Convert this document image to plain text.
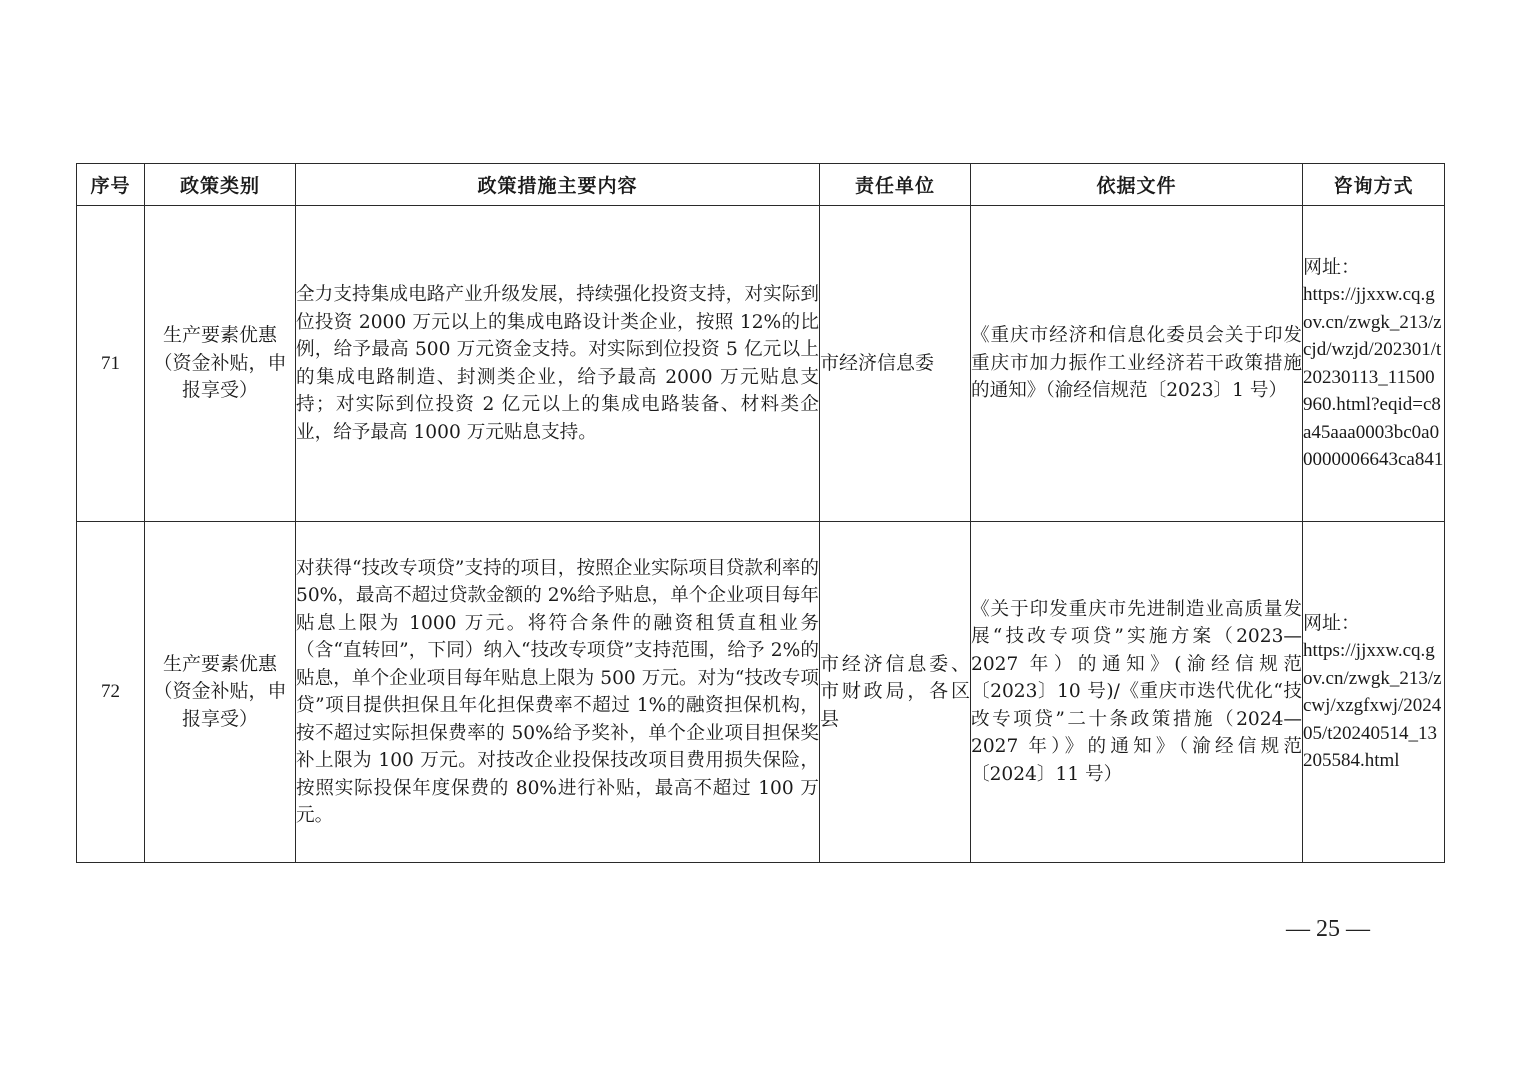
序号	政策类别	政策措施主要内容	责任单位	依据文件	咨询方式
71	生产要素优惠（资金补贴，申报享受）	全力支持集成电路产业升级发展，持续强化投资支持，对实际到位投资 2000 万元以上的集成电路设计类企业，按照 12%的比例，给予最高 500 万元资金支持。对实际到位投资 5 亿元以上的集成电路制造、封测类企业，给予最高 2000 万元贴息支持；对实际到位投资 2 亿元以上的集成电路装备、材料类企业，给予最高 1000 万元贴息支持。	市经济信息委	《重庆市经济和信息化委员会关于印发重庆市加力振作工业经济若干政策措施的通知》（渝经信规范〔2023〕1 号）	网址：
https://jjxxw.cq.gov.cn/zwgk_213/zcjd/wzjd/202301/t20230113_11500960.html?eqid=c8a45aaa0003bc0a00000006643ca841

72	生产要素优惠（资金补贴，申报享受）	对获得“技改专项贷”支持的项目，按照企业实际项目贷款利率的 50%，最高不超过贷款金额的 2%给予贴息，单个企业项目每年贴息上限为 1000 万元。将符合条件的融资租赁直租业务（含“直转回”，下同）纳入“技改专项贷”支持范围，给予 2%的贴息，单个企业项目每年贴息上限为 500 万元。对为“技改专项贷”项目提供担保且年化担保费率不超过 1%的融资担保机构，按不超过实际担保费率的 50%给予奖补，单个企业项目担保奖补上限为 100 万元。对技改企业投保技改项目费用损失保险，按照实际投保年度保费的 80%进行补贴，最高不超过 100 万元。	市经济信息委、市财政局，各区县	《关于印发重庆市先进制造业高质量发展“技改专项贷”实施方案（2023—2027 年）的通知》(渝经信规范〔2023〕10 号)/《重庆市迭代优化“技改专项贷”二十条政策措施（2024—2027 年）》的通知》（渝经信规范〔2024〕11 号）	网址：
https://jjxxw.cq.gov.cn/zwgk_213/zcwj/xzgfxwj/202405/t20240514_13205584.html
— 25 —
